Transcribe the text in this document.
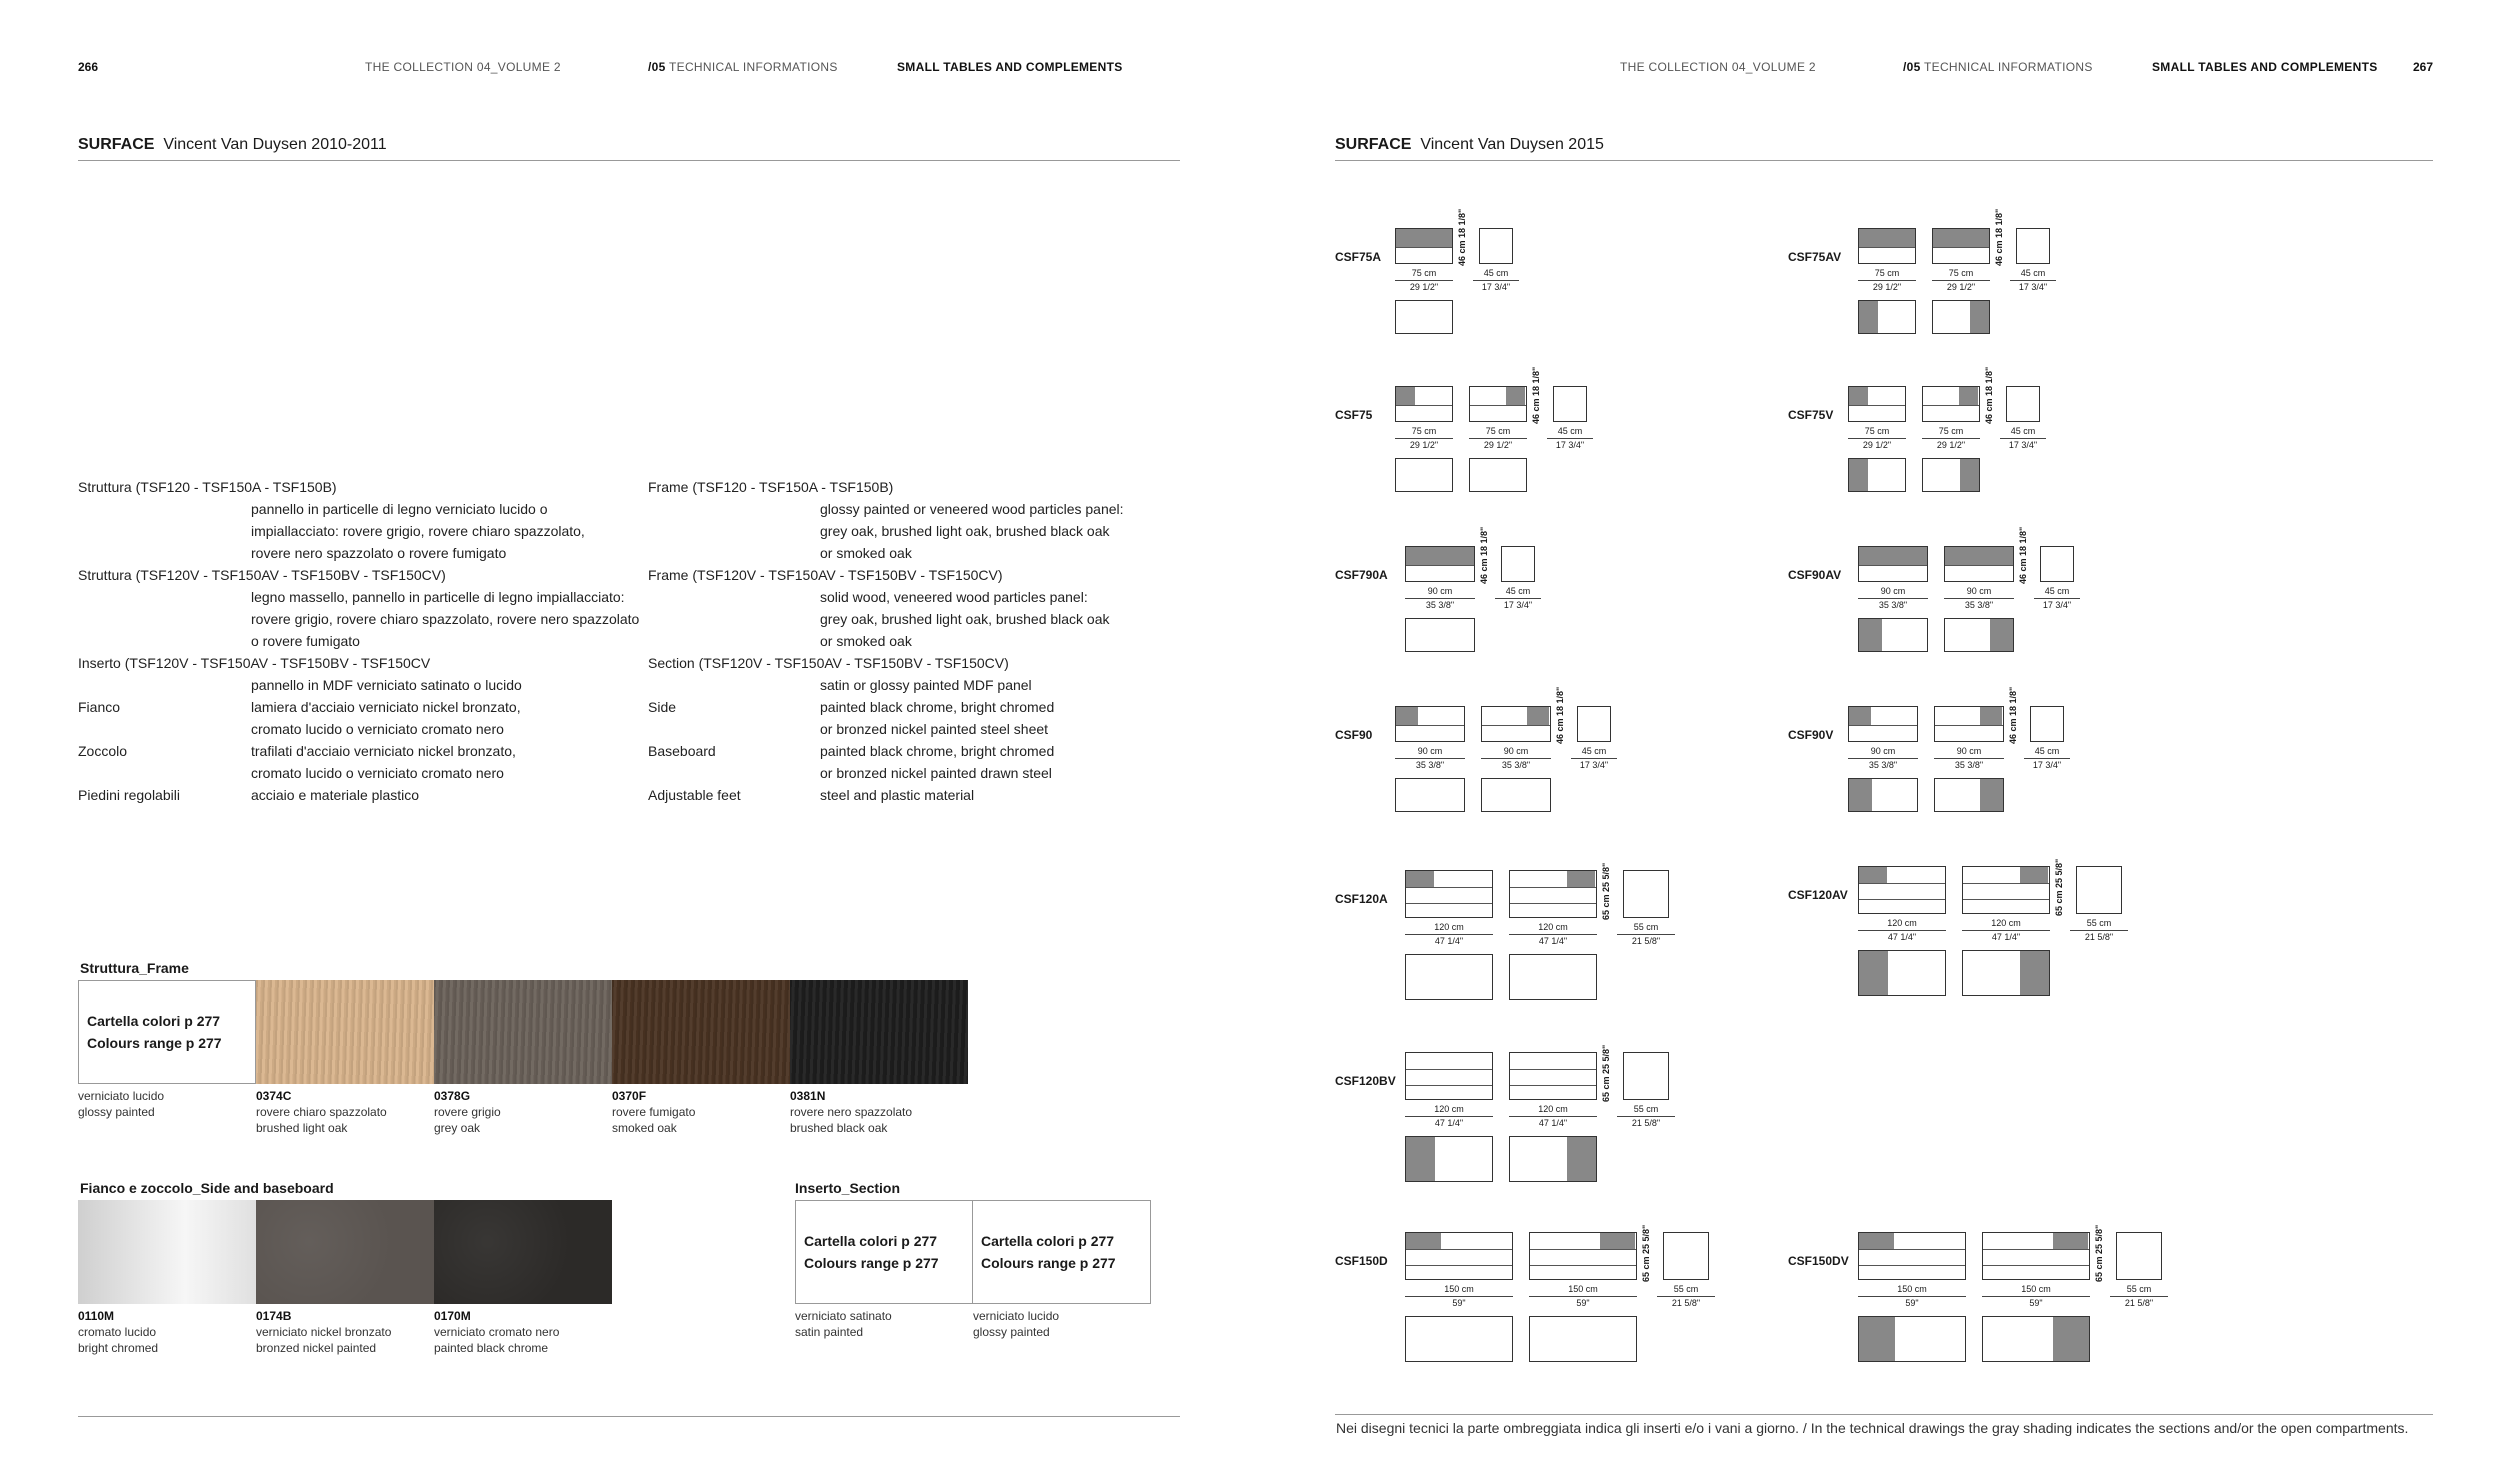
266	THE COLLECTION 04_VOLUME 2	/05 TECHNICAL INFORMATIONS	SMALL TABLES AND COMPLEMENTS
SURFACE Vincent Van Duysen 2010-2011
Struttura (TSF120 - TSF150A - TSF150B)
pannello in particelle di legno verniciato lucido o
impiallacciato: rovere grigio, rovere chiaro spazzolato,
rovere nero spazzolato o rovere fumigato
Struttura (TSF120V - TSF150AV - TSF150BV - TSF150CV)
legno massello, pannello in particelle di legno impiallacciato:
rovere grigio, rovere chiaro spazzolato, rovere nero spazzolato
o rovere fumigato
Inserto (TSF120V - TSF150AV - TSF150BV - TSF150CV
pannello in MDF verniciato satinato o lucido
Fianco	lamiera d'acciaio verniciato nickel bronzato,
cromato lucido o verniciato cromato nero
Zoccolo	trafilati d'acciaio verniciato nickel bronzato,
cromato lucido o verniciato cromato nero
Piedini regolabili	acciaio e materiale plastico
Frame (TSF120 - TSF150A - TSF150B)
glossy painted or veneered wood particles panel:
grey oak, brushed light oak, brushed black oak
or smoked oak
Frame (TSF120V - TSF150AV - TSF150BV - TSF150CV)
solid wood, veneered wood particles panel:
grey oak, brushed light oak, brushed black oak
or smoked oak
Section (TSF120V - TSF150AV - TSF150BV - TSF150CV)
satin or glossy painted MDF panel
Side	painted black chrome, bright chromed
or bronzed nickel painted steel sheet
Baseboard	painted black chrome, bright chromed
or bronzed nickel painted drawn steel
Adjustable feet	steel and plastic material
Struttura_Frame
Cartella colori p 277
Colours range p 277
verniciato lucido
glossy painted
0374C
rovere chiaro spazzolato
brushed light oak
0378G
rovere grigio
grey oak
0370F
rovere fumigato
smoked oak
0381N
rovere nero spazzolato
brushed black oak
Fianco e zoccolo_Side and baseboard
0110M
cromato lucido
bright chromed
0174B
verniciato nickel bronzato
bronzed nickel painted
0170M
verniciato cromato nero
painted black chrome
Inserto_Section
Cartella colori p 277
Colours range p 277
verniciato satinato
satin painted
Cartella colori p 277
Colours range p 277
verniciato lucido
glossy painted
THE COLLECTION 04_VOLUME 2	/05 TECHNICAL INFORMATIONS	SMALL TABLES AND COMPLEMENTS	267
SURFACE Vincent Van Duysen 2015
CSF75A
75 cm
29 1/2"
46 cm 18 1/8"
45 cm
17 3/4"
CSF75AV
75 cm
29 1/2"
75 cm
29 1/2"
46 cm 18 1/8"
45 cm
17 3/4"
CSF75
75 cm
29 1/2"
75 cm
29 1/2"
46 cm 18 1/8"
45 cm
17 3/4"
CSF75V
75 cm
29 1/2"
75 cm
29 1/2"
46 cm 18 1/8"
45 cm
17 3/4"
CSF790A
90 cm
35 3/8"
46 cm 18 1/8"
45 cm
17 3/4"
CSF90AV
90 cm
35 3/8"
90 cm
35 3/8"
46 cm 18 1/8"
45 cm
17 3/4"
CSF90
90 cm
35 3/8"
90 cm
35 3/8"
46 cm 18 1/8"
45 cm
17 3/4"
CSF90V
90 cm
35 3/8"
90 cm
35 3/8"
46 cm 18 1/8"
45 cm
17 3/4"
CSF120A
120 cm
47 1/4"
120 cm
47 1/4"
65 cm 25 5/8"
55 cm
21 5/8"
CSF120AV
120 cm
47 1/4"
120 cm
47 1/4"
65 cm 25 5/8"
55 cm
21 5/8"
CSF120BV
120 cm
47 1/4"
120 cm
47 1/4"
65 cm 25 5/8"
55 cm
21 5/8"
CSF150D
150 cm
59"
150 cm
59"
65 cm 25 5/8"
55 cm
21 5/8"
CSF150DV
150 cm
59"
150 cm
59"
65 cm 25 5/8"
55 cm
21 5/8"
Nei disegni tecnici la parte ombreggiata indica gli inserti e/o i vani a giorno. / In the technical drawings the gray shading indicates the sections and/or the open compartments.
